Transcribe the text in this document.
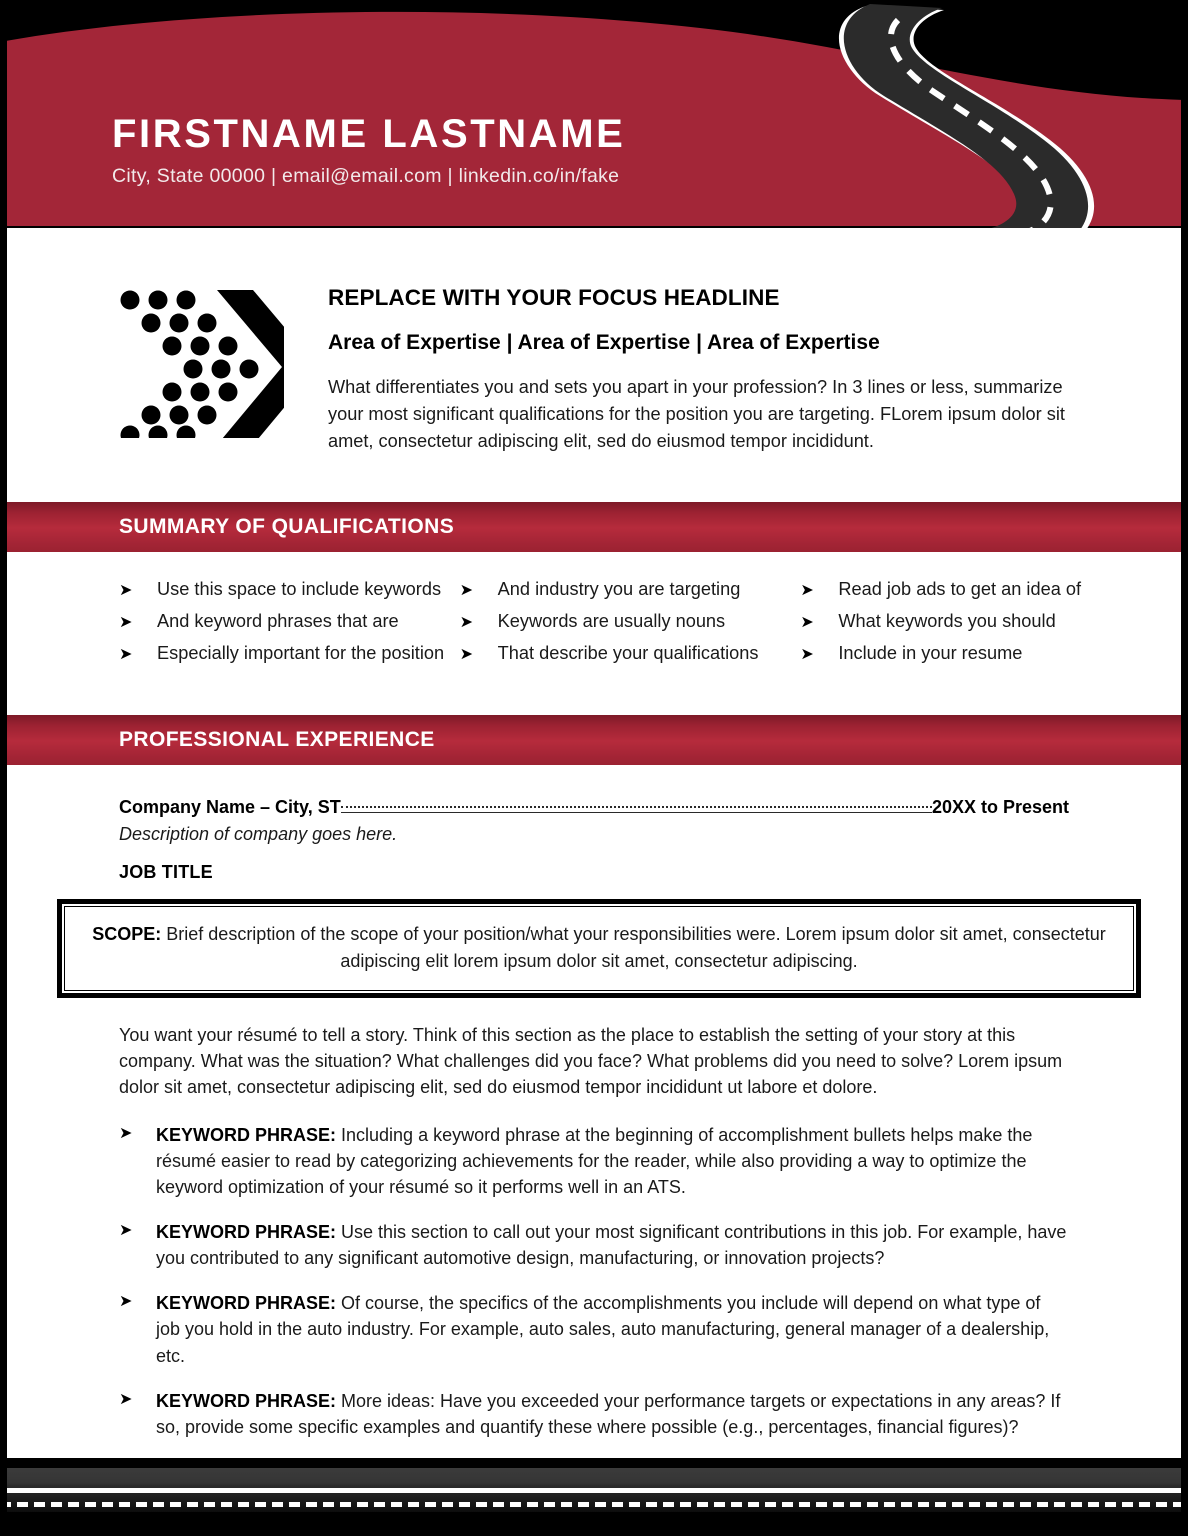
FIRSTNAME LASTNAME
City, State 00000 | email@email.com | linkedin.co/in/fake
REPLACE WITH YOUR FOCUS HEADLINE
Area of Expertise | Area of Expertise | Area of Expertise
What differentiates you and sets you apart in your profession? In 3 lines or less, summarize your most significant qualifications for the position you are targeting. FLorem ipsum dolor sit amet, consectetur adipiscing elit, sed do eiusmod tempor incididunt.
SUMMARY OF QUALIFICATIONS
➤	Use this space to include keywords
➤	And keyword phrases that are
➤	Especially important for the position
➤	And industry you are targeting
➤	Keywords are usually nouns
➤	That describe your qualifications
➤	Read job ads to get an idea of
➤	What keywords you should
➤	Include in your resume
PROFESSIONAL EXPERIENCE
Company Name – City, ST	20XX to Present
Description of company goes here.
JOB TITLE
SCOPE: Brief description of the scope of your position/what your responsibilities were. Lorem ipsum dolor sit amet, consectetur adipiscing elit lorem ipsum dolor sit amet, consectetur adipiscing.
You want your résumé to tell a story. Think of this section as the place to establish the setting of your story at this company. What was the situation? What challenges did you face? What problems did you need to solve? Lorem ipsum dolor sit amet, consectetur adipiscing elit, sed do eiusmod tempor incididunt ut labore et dolore.
➤	KEYWORD PHRASE: Including a keyword phrase at the beginning of accomplishment bullets helps make the résumé easier to read by categorizing achievements for the reader, while also providing a way to optimize the keyword optimization of your résumé so it performs well in an ATS.
➤	KEYWORD PHRASE: Use this section to call out your most significant contributions in this job. For example, have you contributed to any significant automotive design, manufacturing, or innovation projects?
➤	KEYWORD PHRASE: Of course, the specifics of the accomplishments you include will depend on what type of job you hold in the auto industry. For example, auto sales, auto manufacturing, general manager of a dealership, etc.
➤	KEYWORD PHRASE: More ideas: Have you exceeded your performance targets or expectations in any areas? If so, provide some specific examples and quantify these where possible (e.g., percentages, financial figures)?
